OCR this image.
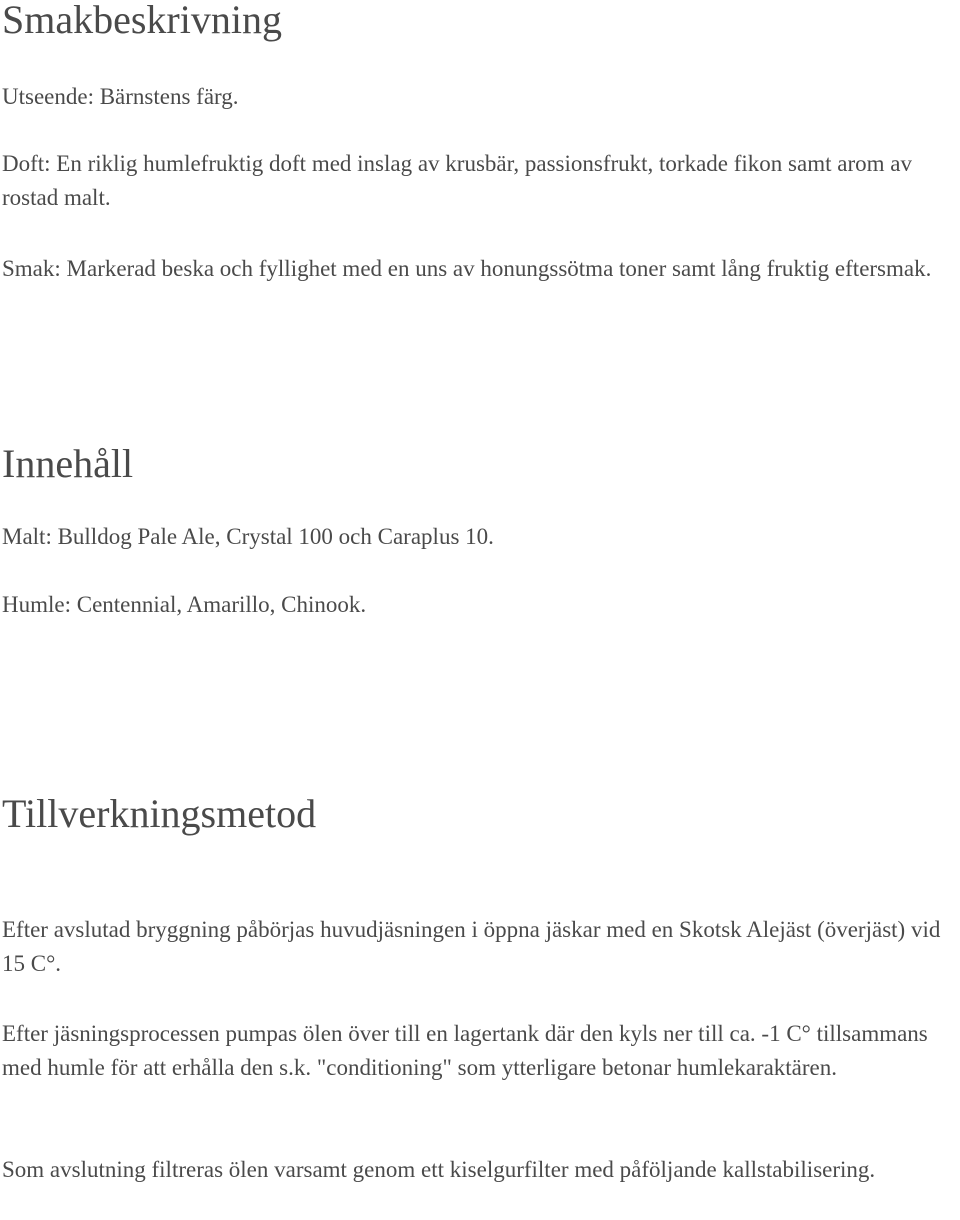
Smakbeskrivning

Utseende: Bärnstens färg.

Doft: En riklig humlefruktig doft med inslag av krusbär, passionsfrukt, torkade fikon samt arom av rostad malt.

Smak: Markerad beska och fyllighet med en uns av honungssötma toner samt lång fruktig eftersmak.

Innehåll

Malt: Bulldog Pale Ale, Crystal 100 och Caraplus 10.

Humle: Centennial, Amarillo, Chinook.

Tillverkningsmetod

Efter avslutad bryggning påbörjas huvudjäsningen i öppna jäskar med en Skotsk Alejäst (överjäst) vid 15 C°.

Efter jäsningsprocessen pumpas ölen över till en lagertank där den kyls ner till ca. -1 C° tillsammans med humle för att erhålla den s.k. "conditioning" som ytterligare betonar humlekaraktären.

Som avslutning filtreras ölen varsamt genom ett kiselgurfilter med påföljande kallstabilisering.
